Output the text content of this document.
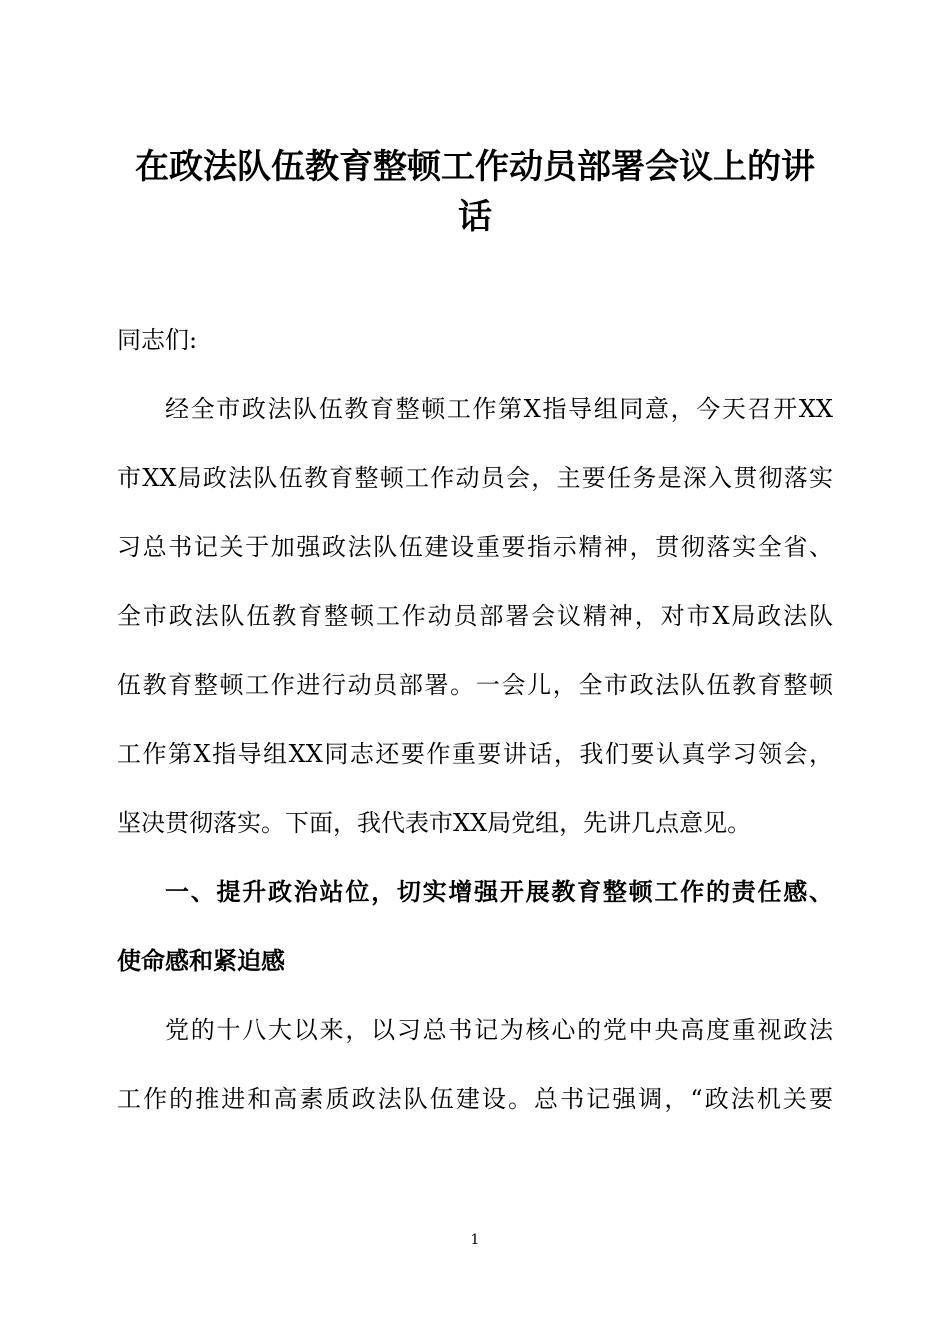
在政法队伍教育整顿工作动员部署会议上的讲
话

同志们:

经全市政法队伍教育整顿工作第X指导组同意，今天召开XX

市XX局政法队伍教育整顿工作动员会，主要任务是深入贯彻落实

习总书记关于加强政法队伍建设重要指示精神，贯彻落实全省、

全市政法队伍教育整顿工作动员部署会议精神，对市X局政法队

伍教育整顿工作进行动员部署。一会儿，全市政法队伍教育整顿

工作第X指导组XX同志还要作重要讲话，我们要认真学习领会，

坚决贯彻落实。下面，我代表市XX局党组，先讲几点意见。

一、提升政治站位，切实增强开展教育整顿工作的责任感、

使命感和紧迫感

党的十八大以来，以习总书记为核心的党中央高度重视政法

工作的推进和高素质政法队伍建设。总书记强调，“政法机关要

1
